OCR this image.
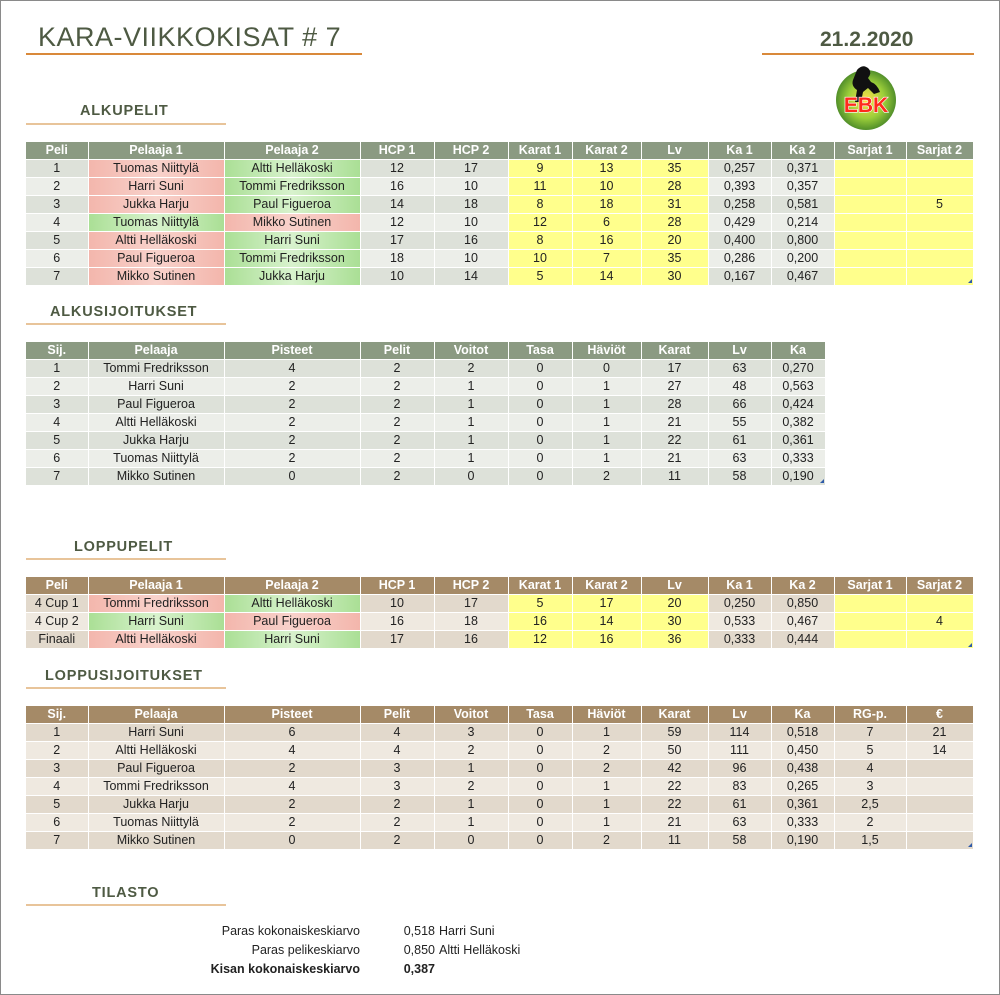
KARA-VIIKKOKISAT # 7	21.2.2020
EBK
ALKUPELIT
Peli	Pelaaja 1	Pelaaja 2	HCP 1	HCP 2	Karat 1	Karat 2	Lv	Ka 1	Ka 2	Sarjat 1	Sarjat 2
1	Tuomas Niittylä	Altti Helläkoski	12	17	9	13	35	0,257	0,371		
2	Harri Suni	Tommi Fredriksson	16	10	11	10	28	0,393	0,357		
3	Jukka Harju	Paul Figueroa	14	18	8	18	31	0,258	0,581		5
4	Tuomas Niittylä	Mikko Sutinen	12	10	12	6	28	0,429	0,214		
5	Altti Helläkoski	Harri Suni	17	16	8	16	20	0,400	0,800		
6	Paul Figueroa	Tommi Fredriksson	18	10	10	7	35	0,286	0,200		
7	Mikko Sutinen	Jukka Harju	10	14	5	14	30	0,167	0,467		
ALKUSIJOITUKSET
Sij.	Pelaaja	Pisteet	Pelit	Voitot	Tasa	Häviöt	Karat	Lv	Ka
1	Tommi Fredriksson	4	2	2	0	0	17	63	0,270
2	Harri Suni	2	2	1	0	1	27	48	0,563
3	Paul Figueroa	2	2	1	0	1	28	66	0,424
4	Altti Helläkoski	2	2	1	0	1	21	55	0,382
5	Jukka Harju	2	2	1	0	1	22	61	0,361
6	Tuomas Niittylä	2	2	1	0	1	21	63	0,333
7	Mikko Sutinen	0	2	0	0	2	11	58	0,190
LOPPUPELIT
Peli	Pelaaja 1	Pelaaja 2	HCP 1	HCP 2	Karat 1	Karat 2	Lv	Ka 1	Ka 2	Sarjat 1	Sarjat 2
4 Cup 1	Tommi Fredriksson	Altti Helläkoski	10	17	5	17	20	0,250	0,850		
4 Cup 2	Harri Suni	Paul Figueroa	16	18	16	14	30	0,533	0,467		4
Finaali	Altti Helläkoski	Harri Suni	17	16	12	16	36	0,333	0,444		
LOPPUSIJOITUKSET
Sij.	Pelaaja	Pisteet	Pelit	Voitot	Tasa	Häviöt	Karat	Lv	Ka	RG-p.	€
1	Harri Suni	6	4	3	0	1	59	114	0,518	7	21
2	Altti Helläkoski	4	4	2	0	2	50	111	0,450	5	14
3	Paul Figueroa	2	3	1	0	2	42	96	0,438	4	
4	Tommi Fredriksson	4	3	2	0	1	22	83	0,265	3	
5	Jukka Harju	2	2	1	0	1	22	61	0,361	2,5	
6	Tuomas Niittylä	2	2	1	0	1	21	63	0,333	2	
7	Mikko Sutinen	0	2	0	0	2	11	58	0,190	1,5	
TILASTO
Paras kokonaiskeskiarvo	0,518 Harri Suni
Paras pelikeskiarvo	0,850 Altti Helläkoski
Kisan kokonaiskeskiarvo	0,387
